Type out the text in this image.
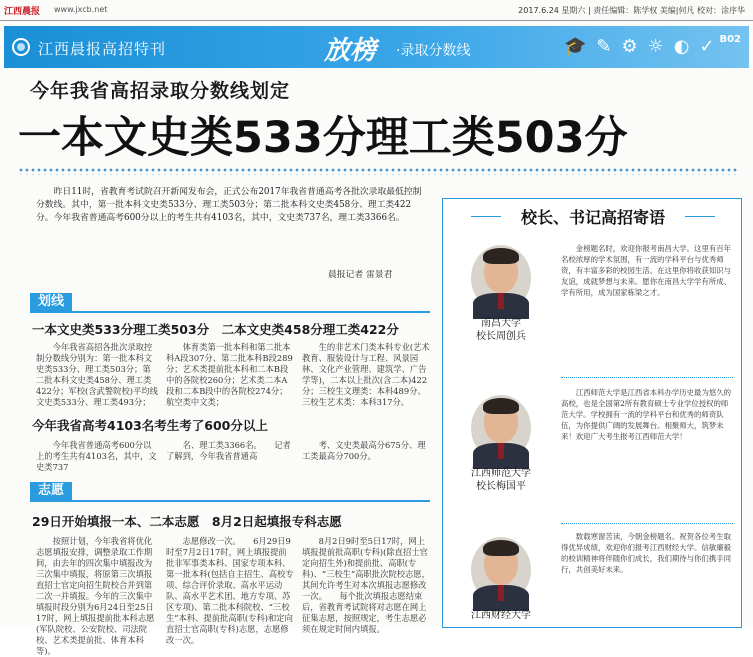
江西晨报 www.jxcb.net	2017.6.24 星期六 | 责任编辑：陈学权 美编|何凡 校对：涂序华
江西晨报高招特刊	放榜 ·录取分数线	🎓✎⚙☼◐✓
B02
今年我省高招录取分数线划定
一本文史类533分理工类503分

昨日11时，省教育考试院召开新闻发布会，正式公布2017年我省普通高考各批次录取最低控制分数线。其中，第一批本科文史类533分、理工类503分；第二批本科文史类458分、理工类422分。今年我省普通高考600分以上的考生共有4103名，其中，文史类737名，理工类3366名。

晨报记者 雷景君
划线
一本文史类533分理工类503分　二本文史类458分理工类422分

今年我省高招各批次录取控制分数线分别为：第一批本科文史类533分、理工类503分；第二批本科文史类458分、理工类422分；军校(含武警院校)平均线文史类533分、理工类493分；

体育类第一批本科和第二批本科A段307分、第二批本科B段289分；艺术类提前批本科和二本B段中的各院校260分；艺术类二本A段和二本B段中的各院校274分；航空类中文类；

生的非艺术门类本科专业(艺术教育、服装设计与工程、风景园林、文化产业管理、建筑学、广告学等)，二本以上批次(含二本)422分；三校生文理类：本科489分、三校生艺术类：本科317分。

今年我省高考4103名考生考了600分以上

今年我省普通高考600分以上的考生共有4103名，其中，文史类737

名、理工类3366名。　　记者了解到，今年我省普通高

考、文史类最高分675分、理工类最高分700分。

志愿
29日开始填报一本、二本志愿　8月2日起填报专科志愿

按照计划，今年我省将优化志愿填报安排，调整录取工作期间，由去年的四次集中填报改为三次集中填报，将原第三次填报直招士官定向招生院校合并到第二次一并填报。今年的三次集中填报时段分别为6月24日至25日17时，网上填报提前批本科志愿(军队院校、公安院校、司法院校、艺术类提前批、体育本科等)。

志愿修改一次。　　6月29日9时至7月2日17时，网上填报提前批非军事类本科、国家专项本科、第一批本科(包括自主招生、高校专项、综合评价录取、高水平运动队、高水平艺术团、地方专项、苏区专项)、第二批本科院校、“三校生”本科、提前批高职(专科)和定向直招士官高职(专科)志愿，志愿修改一次。

8月2日9时至5日17时，网上填报提前批高职(专科)(除直招士官定向招生外)和提前批、高职(专科)、“三校生”高职批次院校志愿，其间允许考生对本次填报志愿修改一次。　　每个批次填报志愿结束后，省教育考试院将对志愿在网上征集志愿，按照规定，考生志愿必须在规定时间内填报。

校长、书记高招寄语
南昌大学
校长周创兵

金榜题名时，欢迎你报考南昌大学。这里有百年名校浓厚的学术氛围，有一流的学科平台与优秀师资，有丰富多彩的校园生活。在这里你将收获知识与友谊，成就梦想与未来。愿你在南昌大学学有所成、学有所用，成为国家栋梁之才。

江西师范大学
校长梅国平

江西师范大学是江西省本科办学历史最为悠久的高校，也是全国第2所有教育硕士专业学位授权的师范大学。学校拥有一流的学科平台和优秀的师资队伍，为你提供广阔的发展舞台。相聚师大，筑梦未来！欢迎广大考生报考江西师范大学！

江西财经大学

数载寒窗苦读，今朝金榜题名。祝贺各位考生取得优异成绩，欢迎你们报考江西财经大学。信敏廉毅的校训精神将伴随你们成长，我们期待与你们携手同行，共创美好未来。
